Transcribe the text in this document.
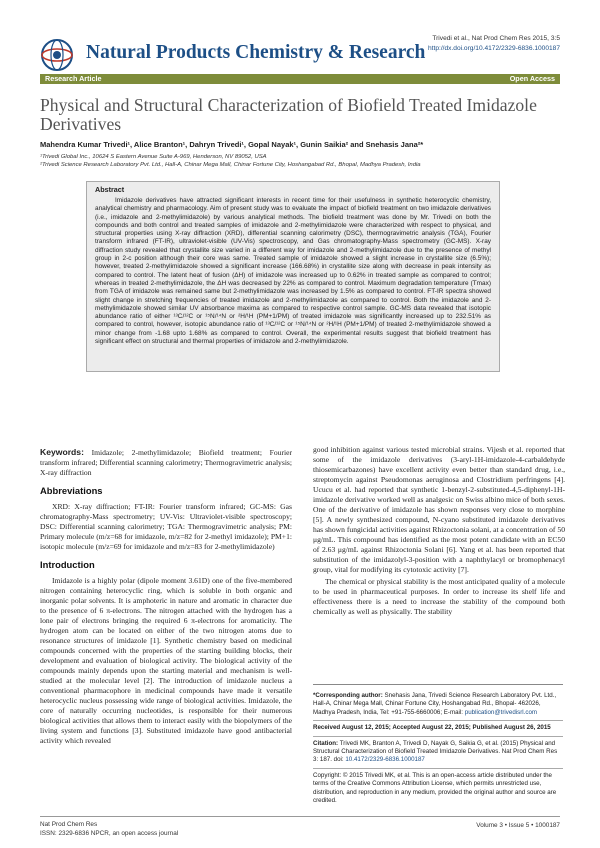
Natural Products Chemistry & Research
Trivedi et al., Nat Prod Chem Res 2015, 3:5
http://dx.doi.org/10.4172/2329-6836.1000187
Research Article	Open Access
Physical and Structural Characterization of Biofield Treated Imidazole Derivatives
Mahendra Kumar Trivedi¹, Alice Branton¹, Dahryn Trivedi¹, Gopal Nayak¹, Gunin Saikia² and Snehasis Jana²*
¹Trivedi Global Inc., 10624 S Eastern Avenue Suite A-969, Henderson, NV 89052, USA
²Trivedi Science Research Laboratory Pvt. Ltd., Hall-A, Chinar Mega Mall, Chinar Fortune City, Hoshangabad Rd., Bhopal, Madhya Pradesh, India
Abstract

Imidazole derivatives have attracted significant interests in recent time for their usefulness in synthetic heterocyclic chemistry, analytical chemistry and pharmacology. Aim of present study was to evaluate the impact of biofield treatment on two imidazole derivatives (i.e., imidazole and 2-methylimidazole) by various analytical methods. The biofield treatment was done by Mr. Trivedi on both the compounds and both control and treated samples of imidazole and 2-methylimidazole were characterized with respect to physical, and structural properties using X-ray diffraction (XRD), differential scanning calorimetry (DSC), thermogravimetric analysis (TGA), Fourier transform infrared (FT-IR), ultraviolet-visible (UV-Vis) spectroscopy, and Gas chromatography-Mass spectrometry (GC-MS). X-ray diffraction study revealed that crystallite size varied in a different way for imidazole and 2-methylimidazole due to the presence of methyl group in 2-c position although their core was same. Treated sample of imidazole showed a slight increase in crystallite size (6.5%); however, treated 2-methylimidazole showed a significant increase (166.68%) in crystallite size along with decrease in peak intensity as compared to control. The latent heat of fusion (ΔH) of imidazole was increased up to 0.62% in treated sample as compared to control; whereas in treated 2-methylimidazole, the ΔH was decreased by 22% as compared to control. Maximum degradation temperature (Tmax) from TGA of imidazole was remained same but 2-methylimidazole was increased by 1.5% as compared to control. FT-IR spectra showed slight change in stretching frequencies of treated imidazole and 2-methylimidazole as compared to control. Both the imidazole and 2-methylimidazole showed similar UV absorbance maxima as compared to respective control sample. GC-MS data revealed that isotopic abundance ratio of either ¹³C/¹²C or ¹⁵N/¹⁴N or ²H/¹H (PM+1/PM) of treated imidazole was significantly increased up to 232.51% as compared to control, however, isotopic abundance ratio of ¹³C/¹²C or ¹⁵N/¹⁴N or ²H/¹H (PM+1/PM) of treated 2-methylimidazole showed a minor change from -1.68 upto 1.68% as compared to control. Overall, the experimental results suggest that biofield treatment has significant effect on structural and thermal properties of imidazole and 2-methylimidazole.

Keywords: Imidazole; 2-methylimidazole; Biofield treatment; Fourier transform infrared; Differential scanning calorimetry; Thermogravimetric analysis; X-ray diffraction

Abbreviations

XRD: X-ray diffraction; FT-IR: Fourier transform infrared; GC-MS: Gas chromatography-Mass spectrometry; UV-Vis: Ultraviolet-visible spectroscopy; DSC: Differential scanning calorimetry; TGA: Thermogravimetric analysis; PM: Primary molecule (m/z=68 for imidazole, m/z=82 for 2-methyl imidazole); PM+1: isotopic molecule (m/z=69 for imidazole and m/z=83 for 2-methylimidazole)

Introduction

Imidazole is a highly polar (dipole moment 3.61D) one of the five-membered nitrogen containing heterocyclic ring, which is soluble in both organic and inorganic polar solvents. It is amphoteric in nature and aromatic in character due to the presence of 6 π-electrons. The nitrogen attached with the hydrogen has a lone pair of electrons bringing the required 6 π-electrons for aromaticity. The hydrogen atom can be located on either of the two nitrogen atoms due to resonance structures of imidazole [1]. Synthetic chemistry based on medicinal compounds concerned with the properties of the starting building blocks, their development and evaluation of biological activity. The biological activity of the compounds mainly depends upon the starting material and mechanism is well-studied at the molecular level [2]. The introduction of imidazole nucleus a conventional pharmacophore in medicinal compounds have made it versatile heterocyclic nucleus possessing wide range of biological activities. Imidazole, the core of naturally occurring nucleotides, is responsible for their numerous biological activities that allows them to interact easily with the biopolymers of the living system and functions [3]. Substituted imidazole have good antibacterial activity which revealed

good inhibition against various tested microbial strains. Vijesh et al. reported that some of the imidazole derivatives (3-aryl-1H-imidazole-4-carbaldehyde thiosemicarbazones) have excellent activity even better than standard drug, i.e., streptomycin against Pseudomonas aeruginosa and Clostridium perfringens [4]. Ucucu et al. had reported that synthetic 1-benzyl-2-substituted-4,5-diphenyl-1H-imidazole derivative worked well as analgesic on Swiss albino mice of both sexes. One of the derivative of imidazole has shown responses very close to morphine [5]. A newly synthesized compound, N-cyano substituted imidazole derivatives has shown fungicidal activities against Rhizoctonia solani, at a concentration of 50 μg/mL. This compound has identified as the most potent candidate with an EC50 of 2.63 μg/mL against Rhizoctonia Solani [6]. Yang et al. has been reported that substitution of the imidazolyl-3-position with a naphthylacyl or bromophenacyl group, vital for modifying its cytotoxic activity [7].

The chemical or physical stability is the most anticipated quality of a molecule to be used in pharmaceutical purposes. In order to increase its shelf life and effectiveness there is a need to increase the stability of the compound both chemically as well as physically. The stability

*Corresponding author: Snehasis Jana, Trivedi Science Research Laboratory Pvt. Ltd., Hall-A, Chinar Mega Mall, Chinar Fortune City, Hoshangabad Rd., Bhopal- 462026, Madhya Pradesh, India, Tel: +91-755-6660006; E-mail: publication@trivedisrl.com
Received August 12, 2015; Accepted August 22, 2015; Published August 26, 2015
Citation: Trivedi MK, Branton A, Trivedi D, Nayak G, Saikia G, et al. (2015) Physical and Structural Characterization of Biofield Treated Imidazole Derivatives. Nat Prod Chem Res 3: 187. doi: 10.4172/2329-6836.1000187
Copyright: © 2015 Trivedi MK, et al. This is an open-access article distributed under the terms of the Creative Commons Attribution License, which permits unrestricted use, distribution, and reproduction in any medium, provided the original author and source are credited.
Nat Prod Chem Res
ISSN: 2329-6836 NPCR, an open access journal
Volume 3 • Issue 5 • 1000187
